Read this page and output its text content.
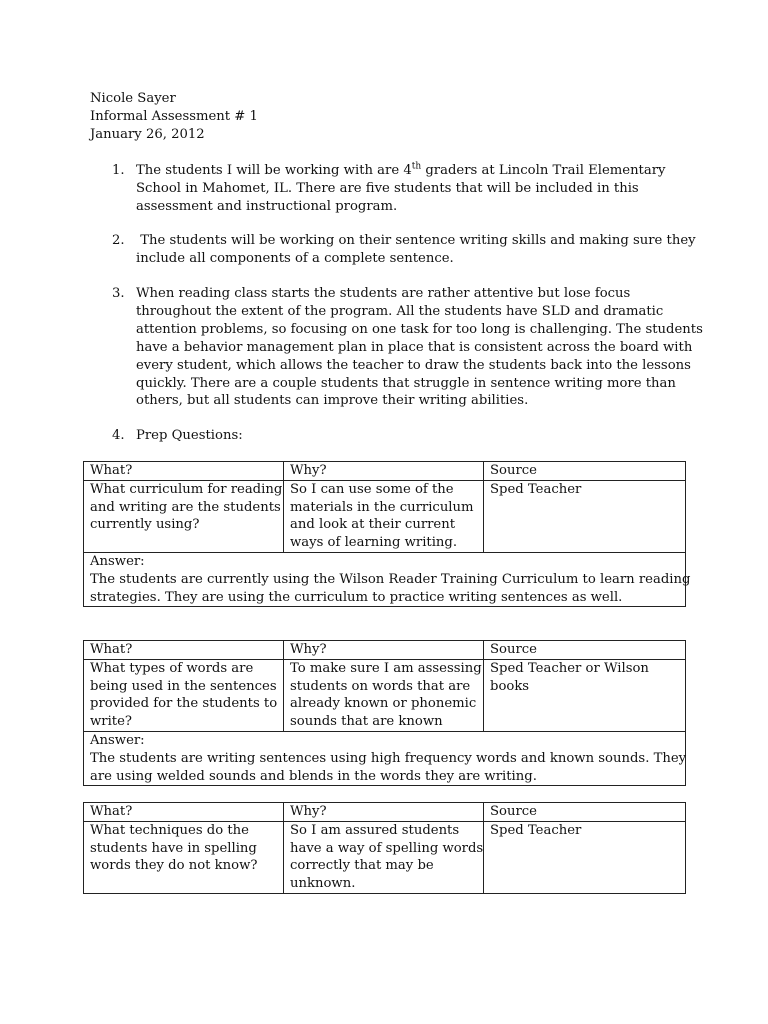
Nicole Sayer
Informal Assessment # 1
January 26, 2012
1. The students I will be working with are 4th graders at Lincoln Trail Elementary
School in Mahomet, IL. There are five students that will be included in this
assessment and instructional program.
2. The students will be working on their sentence writing skills and making sure they
include all components of a complete sentence.
3. When reading class starts the students are rather attentive but lose focus
throughout the extent of the program. All the students have SLD and dramatic
attention problems, so focusing on one task for too long is challenging. The students
have a behavior management plan in place that is consistent across the board with
every student, which allows the teacher to draw the students back into the lessons
quickly. There are a couple students that struggle in sentence writing more than
others, but all students can improve their writing abilities.
4. Prep Questions:
What?	Why?	Source

What curriculum for reading
and writing are the students
currently using?	So I can use some of the
materials in the curriculum
and look at their current
ways of learning writing.	Sped Teacher

Answer:
The students are currently using the Wilson Reader Training Curriculum to learn reading
strategies. They are using the curriculum to practice writing sentences as well.		
What?	Why?	Source

What types of words are
being used in the sentences
provided for the students to
write?	To make sure I am assessing
students on words that are
already known or phonemic
sounds that are known	Sped Teacher or Wilson
books

Answer:
The students are writing sentences using high frequency words and known sounds. They
are using welded sounds and blends in the words they are writing.		
What?	Why?	Source

What techniques do the
students have in spelling
words they do not know?	So I am assured students
have a way of spelling words
correctly that may be
unknown.	Sped Teacher
